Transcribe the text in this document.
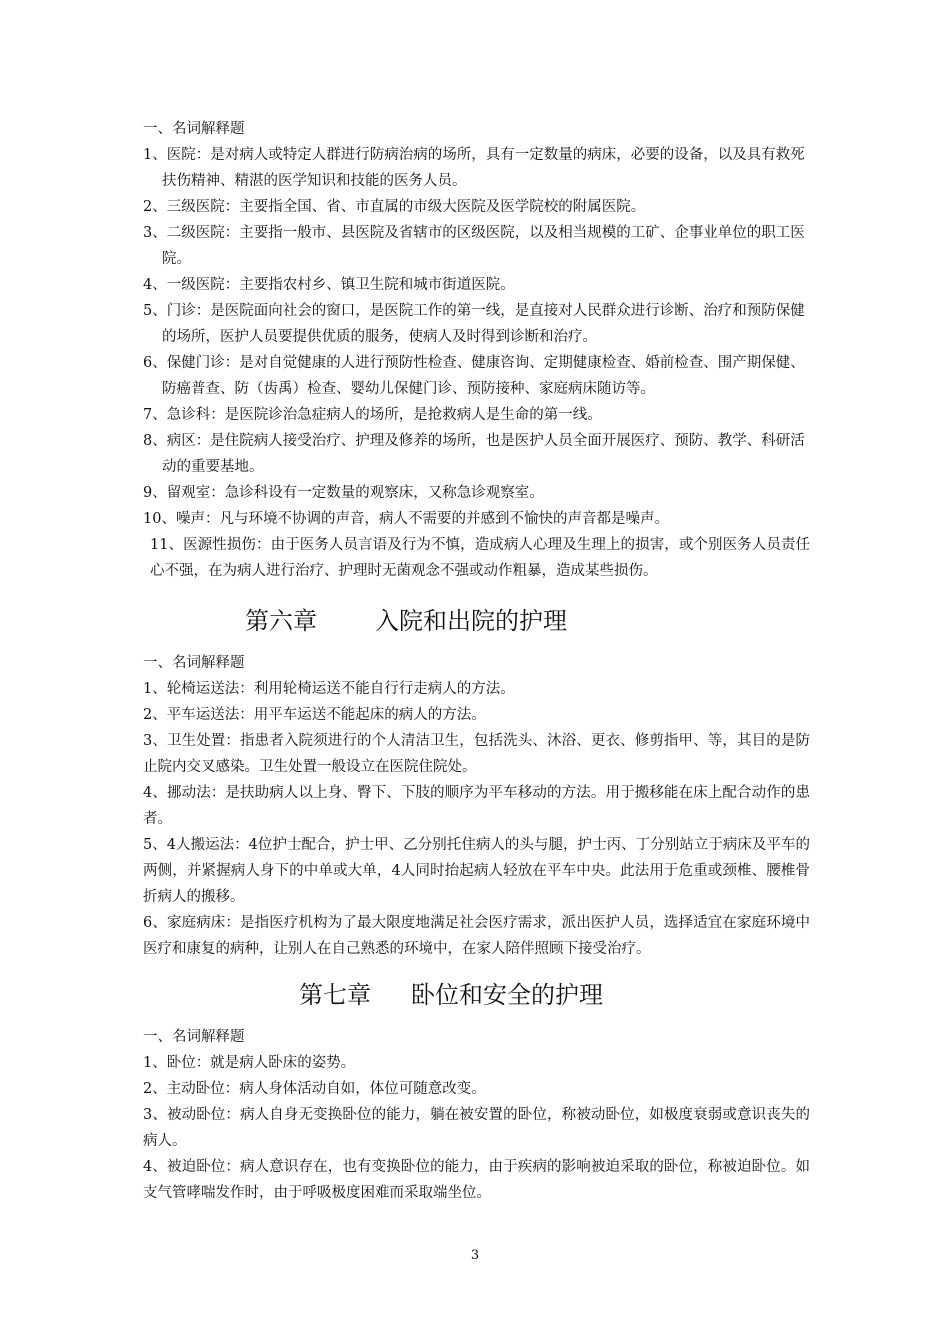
一、名词解释题

1、医院：是对病人或特定人群进行防病治病的场所，具有一定数量的病床，必要的设备，以及具有救死扶伤精神、精湛的医学知识和技能的医务人员。

2、三级医院：主要指全国、省、市直属的市级大医院及医学院校的附属医院。

3、二级医院：主要指一般市、县医院及省辖市的区级医院，以及相当规模的工矿、企事业单位的职工医院。

4、一级医院：主要指农村乡、镇卫生院和城市街道医院。

5、门诊：是医院面向社会的窗口，是医院工作的第一线，是直接对人民群众进行诊断、治疗和预防保健的场所，医护人员要提供优质的服务，使病人及时得到诊断和治疗。

6、保健门诊：是对自觉健康的人进行预防性检查、健康咨询、定期健康检查、婚前检查、围产期保健、防癌普查、防（齿禹）检查、婴幼儿保健门诊、预防接种、家庭病床随访等。

7、急诊科：是医院诊治急症病人的场所，是抢救病人是生命的第一线。

8、病区：是住院病人接受治疗、护理及修养的场所，也是医护人员全面开展医疗、预防、教学、科研活动的重要基地。

9、留观室：急诊科设有一定数量的观察床，又称急诊观察室。

10、噪声：凡与环境不协调的声音，病人不需要的并感到不愉快的声音都是噪声。

11、医源性损伤：由于医务人员言语及行为不慎，造成病人心理及生理上的损害，或个别医务人员责任心不强，在为病人进行治疗、护理时无菌观念不强或动作粗暴，造成某些损伤。

第六章 入院和出院的护理
一、名词解释题

1、轮椅运送法：利用轮椅运送不能自行行走病人的方法。

2、平车运送法：用平车运送不能起床的病人的方法。

3、卫生处置：指患者入院须进行的个人清洁卫生，包括洗头、沐浴、更衣、修剪指甲、等，其目的是防止院内交叉感染。卫生处置一般设立在医院住院处。

4、挪动法：是扶助病人以上身、臀下、下肢的顺序为平车移动的方法。用于搬移能在床上配合动作的患者。

5、4人搬运法：4位护士配合，护士甲、乙分别托住病人的头与腿，护士丙、丁分别站立于病床及平车的两侧，并紧握病人身下的中单或大单，4人同时抬起病人轻放在平车中央。此法用于危重或颈椎、腰椎骨折病人的搬移。

6、家庭病床：是指医疗机构为了最大限度地满足社会医疗需求，派出医护人员，选择适宜在家庭环境中医疗和康复的病种，让别人在自己熟悉的环境中，在家人陪伴照顾下接受治疗。

第七章 卧位和安全的护理
一、名词解释题

1、卧位：就是病人卧床的姿势。

2、主动卧位：病人身体活动自如，体位可随意改变。

3、被动卧位：病人自身无变换卧位的能力，躺在被安置的卧位，称被动卧位，如极度衰弱或意识丧失的病人。

4、被迫卧位：病人意识存在，也有变换卧位的能力，由于疾病的影响被迫采取的卧位，称被迫卧位。如支气管哮喘发作时，由于呼吸极度困难而采取端坐位。

3
